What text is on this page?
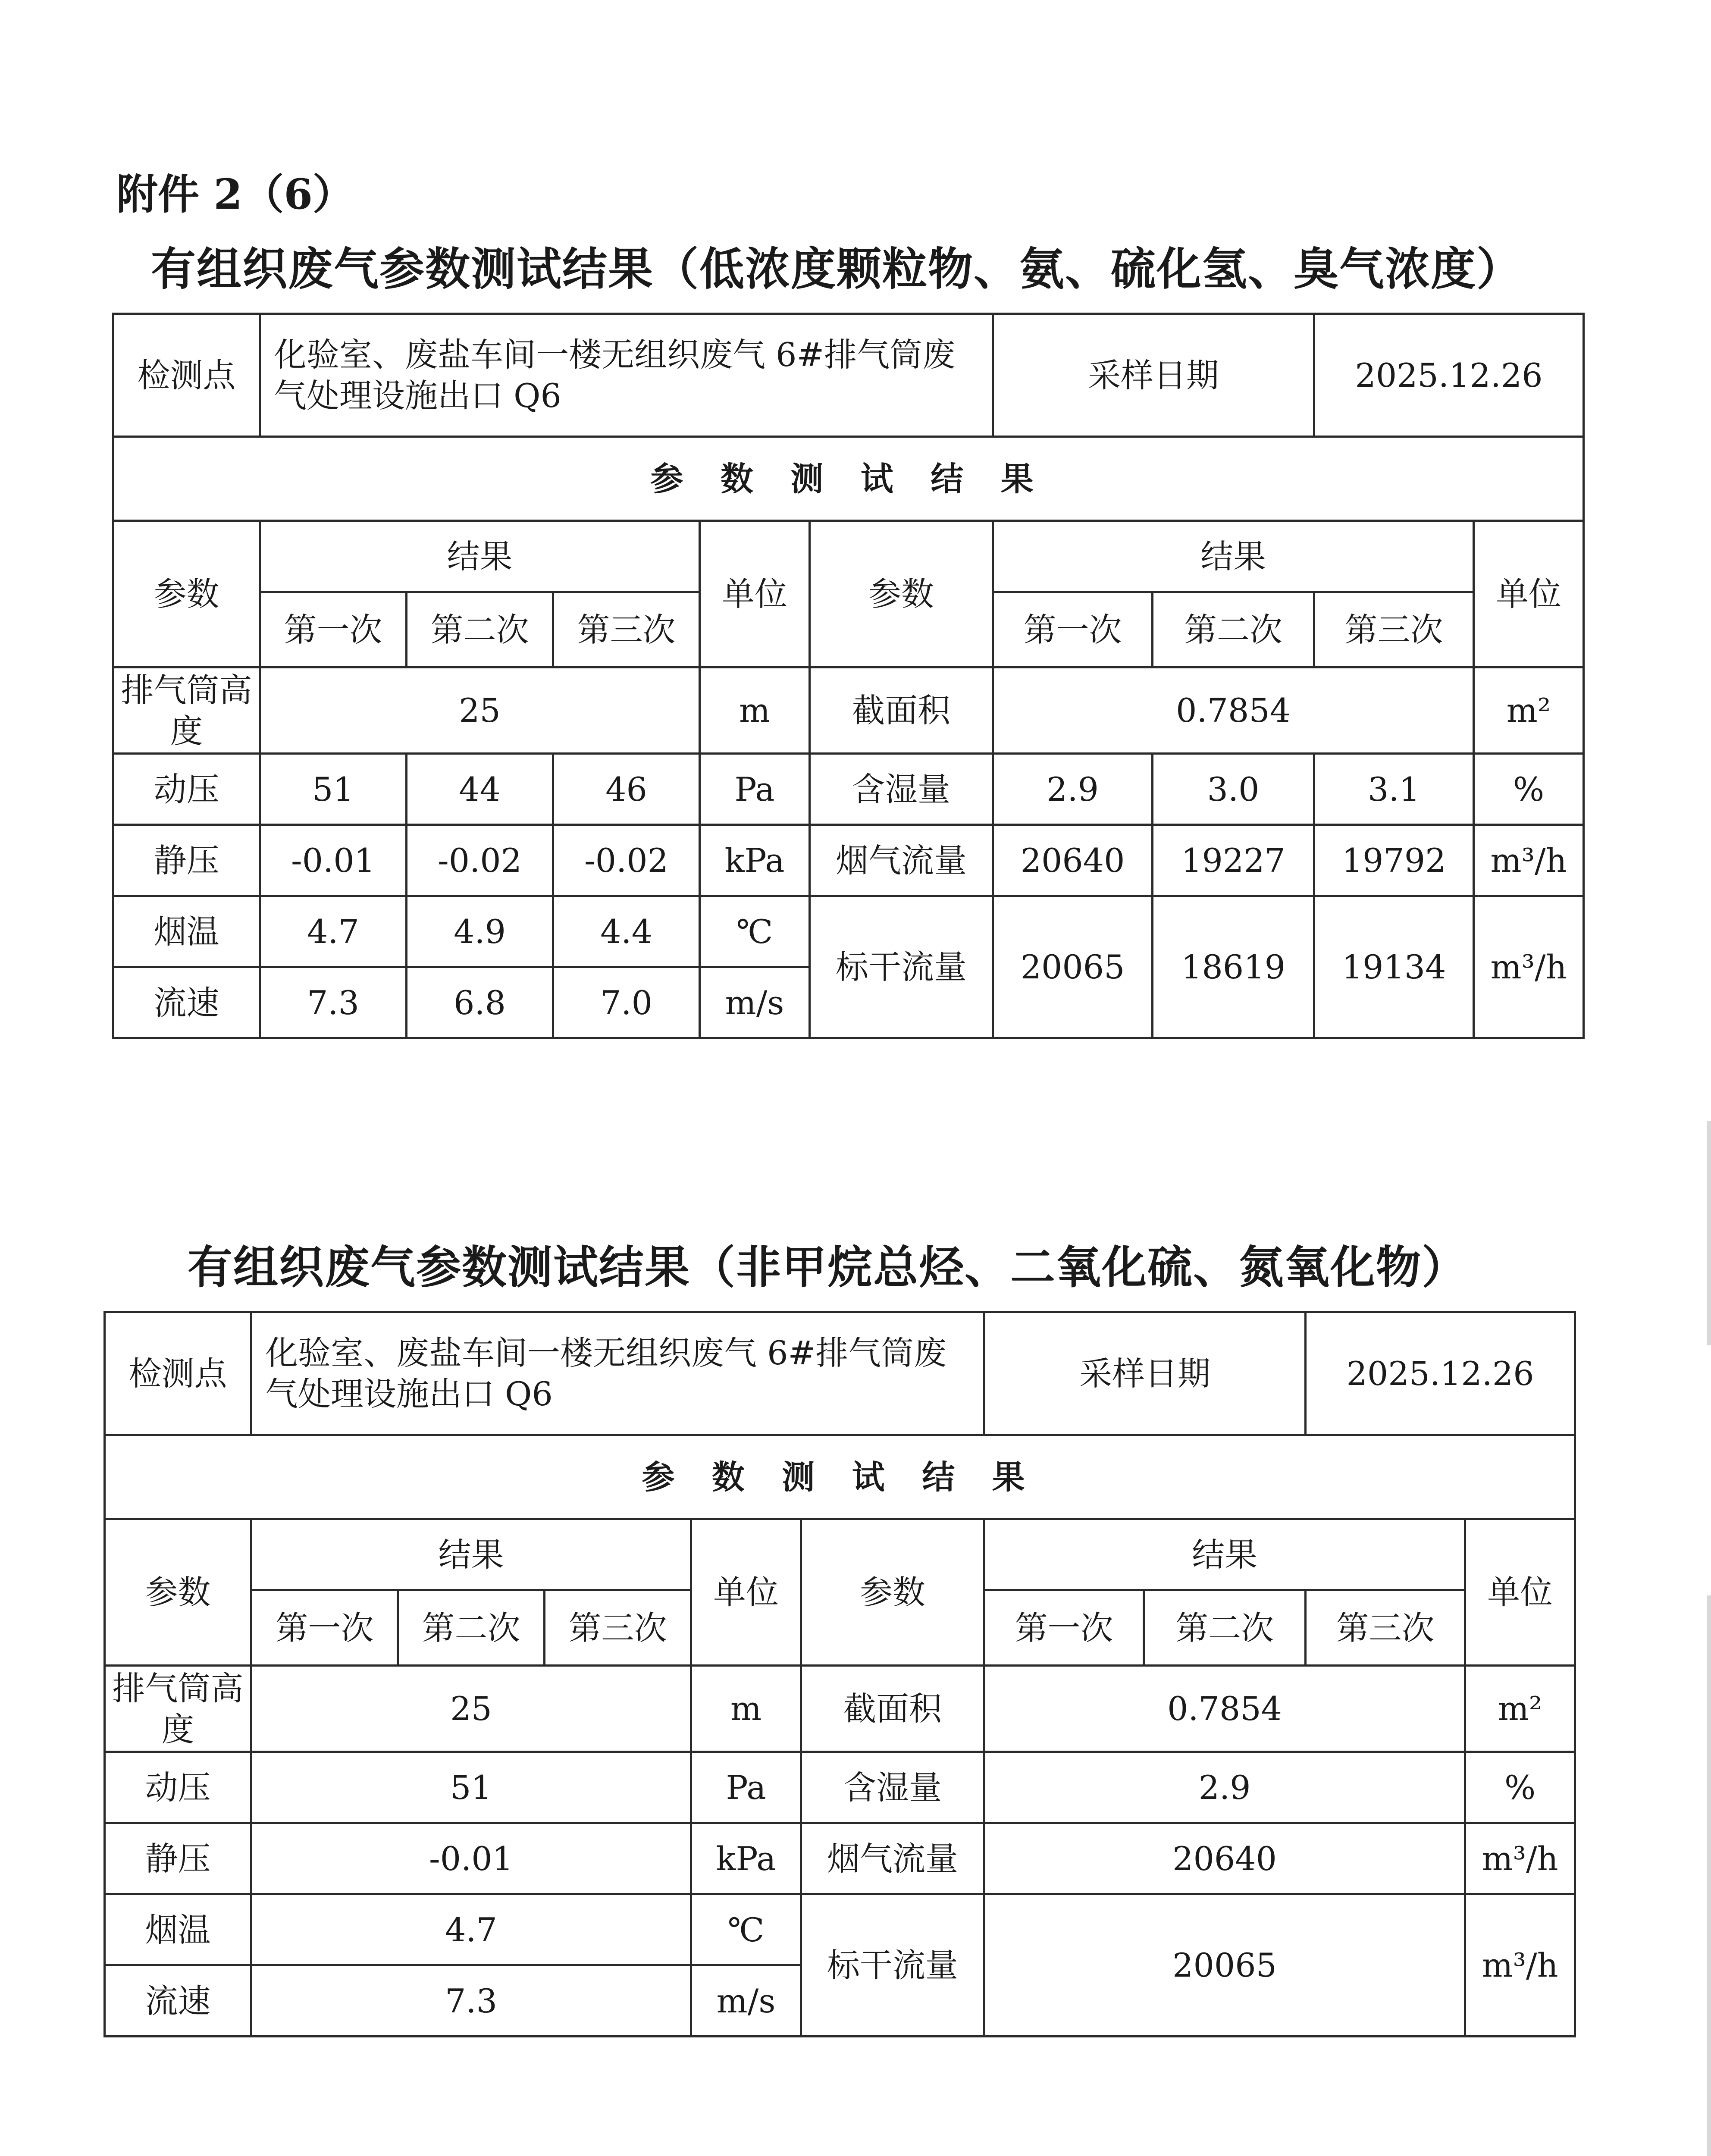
附件 2（6）
有组织废气参数测试结果（低浓度颗粒物、氨、硫化氢、臭气浓度）
检测点	化验室、废盐车间一楼无组织废气 6#排气筒废气处理设施出口 Q6					采样日期		2025.12.26	
参 数 测 试 结 果									
参数	结果			单位	参数	结果			单位
	第一次	第二次	第三次			第一次	第二次	第三次	
排气筒高度	25			m	截面积	0.7854			m²
动压	51	44	46	Pa	含湿量	2.9	3.0	3.1	%
静压	-0.01	-0.02	-0.02	kPa	烟气流量	20640	19227	19792	m³/h
烟温	4.7	4.9	4.4	℃	标干流量	20065	18619	19134	m³/h
流速	7.3	6.8	7.0	m/s					
有组织废气参数测试结果（非甲烷总烃、二氧化硫、氮氧化物）
检测点	化验室、废盐车间一楼无组织废气 6#排气筒废气处理设施出口 Q6					采样日期		2025.12.26	
参 数 测 试 结 果									
参数	结果			单位	参数	结果			单位
	第一次	第二次	第三次			第一次	第二次	第三次	
排气筒高度	25			m	截面积	0.7854			m²
动压	51			Pa	含湿量	2.9			%
静压	-0.01			kPa	烟气流量	20640			m³/h
烟温	4.7			℃	标干流量	20065			m³/h
流速	7.3			m/s					
